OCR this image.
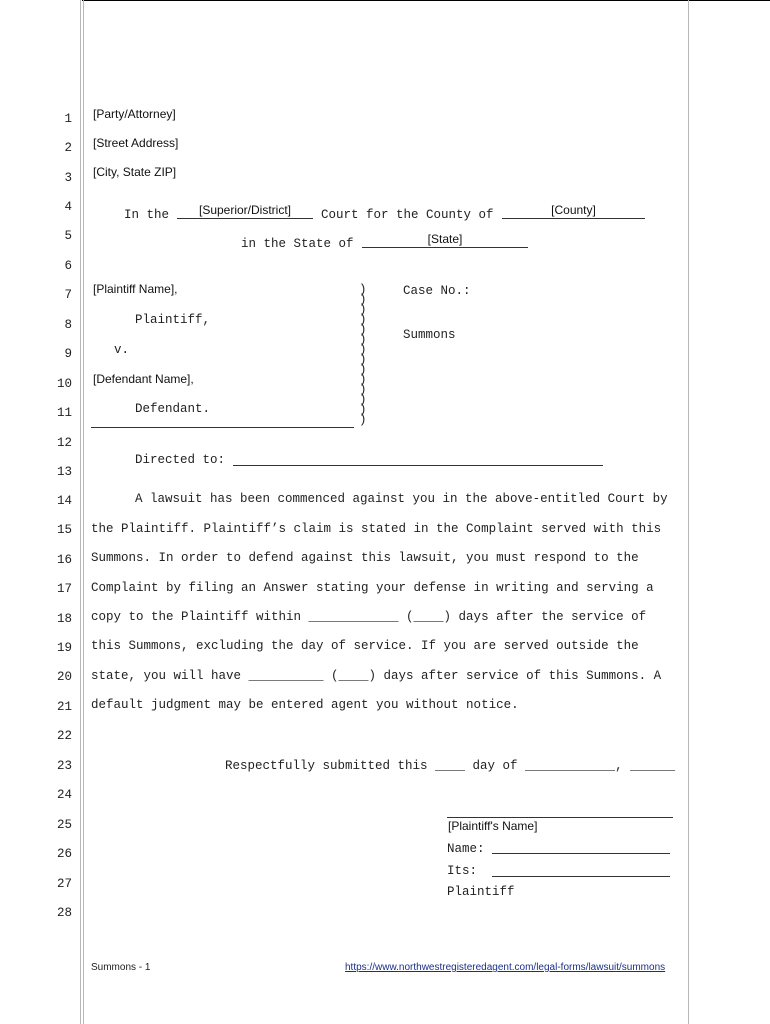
1
2
3
4
5
6
7
8
9
10
11
12
13
14
15
16
17
18
19
20
21
22
23
24
25
26
27
28
[Party/Attorney]
[Street Address]
[City, State ZIP]
In the	[Superior/District]	Court for the County of	[County]
in the State of	[State]
[Plaintiff Name],
Plaintiff,
v.
[Defendant Name],
Defendant.
)
)
)
)
)
)
)
)
)
)
)
)
)
)
Case No.:
Summons
Directed to:
A lawsuit has been commenced against you in the above-entitled Court by
the Plaintiff. Plaintiff’s claim is stated in the Complaint served with this
Summons. In order to defend against this lawsuit, you must respond to the
Complaint by filing an Answer stating your defense in writing and serving a
copy to the Plaintiff within ____________ (____) days after the service of
this Summons, excluding the day of service. If you are served outside the
state, you will have __________ (____) days after service of this Summons. A
default judgment may be entered agent you without notice.
Respectfully submitted this ____ day of ____________, ______
[Plaintiff's Name]
Name:
Its:
Plaintiff
Summons - 1	https://www.northwestregisteredagent.com/legal-forms/lawsuit/summons
